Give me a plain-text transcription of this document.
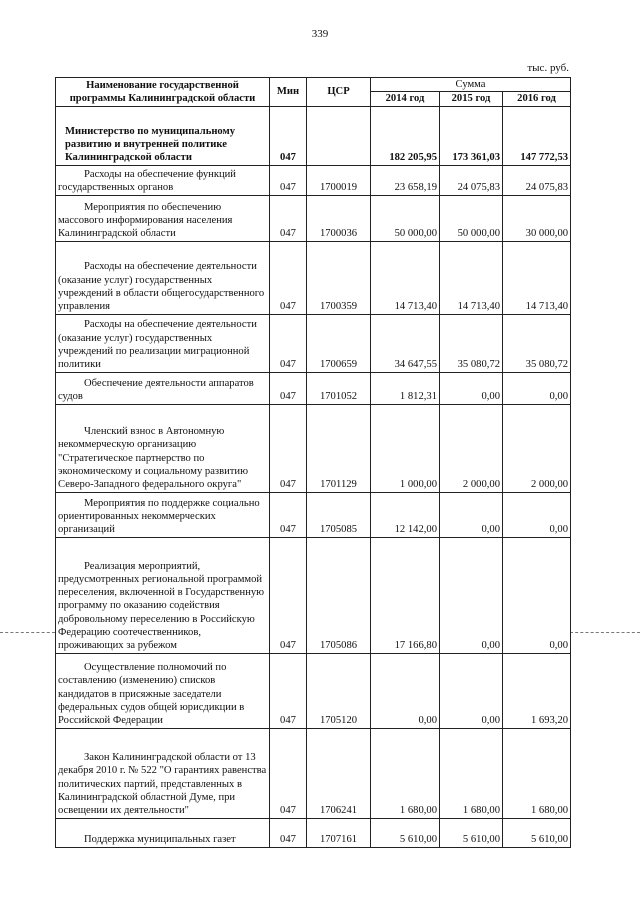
339
тыс. руб.
Наименование государственной программы Калининградской области	Мин	ЦСР	Сумма		
			2014 год	2015 год	2016 год
Министерство по муниципальному развитию и внутренней политике Калининградской области	047		182 205,95	173 361,03	147 772,53
Расходы на обеспечение функций государственных органов	047	1700019	23 658,19	24 075,83	24 075,83
Мероприятия по обеспечению массового информирования населения Калининградской области	047	1700036	50 000,00	50 000,00	30 000,00
Расходы на обеспечение деятельности (оказание услуг) государственных учреждений в области общегосударственного управления	047	1700359	14 713,40	14 713,40	14 713,40
Расходы на обеспечение деятельности (оказание услуг) государственных учреждений по реализации миграционной политики	047	1700659	34 647,55	35 080,72	35 080,72
Обеспечение деятельности аппаратов судов	047	1701052	1 812,31	0,00	0,00
Членский взнос в Автономную некоммерческую организацию "Стратегическое партнерство по экономическому и социальному развитию Северо-Западного федерального округа"	047	1701129	1 000,00	2 000,00	2 000,00
Мероприятия по поддержке социально ориентированных некоммерческих организаций	047	1705085	12 142,00	0,00	0,00
Реализация мероприятий, предусмотренных региональной программой переселения, включенной в Государственную программу по оказанию содействия добровольному переселению в Российскую Федерацию соотечественников, проживающих за рубежом	047	1705086	17 166,80	0,00	0,00
Осуществление полномочий по составлению (изменению) списков кандидатов в присяжные заседатели федеральных судов общей юрисдикции в Российской Федерации	047	1705120	0,00	0,00	1 693,20
Закон Калининградской области от 13 декабря 2010 г. № 522 "О гарантиях равенства политических партий, представленных в Калининградской областной Думе, при освещении их деятельности"	047	1706241	1 680,00	1 680,00	1 680,00
Поддержка муниципальных газет	047	1707161	5 610,00	5 610,00	5 610,00
